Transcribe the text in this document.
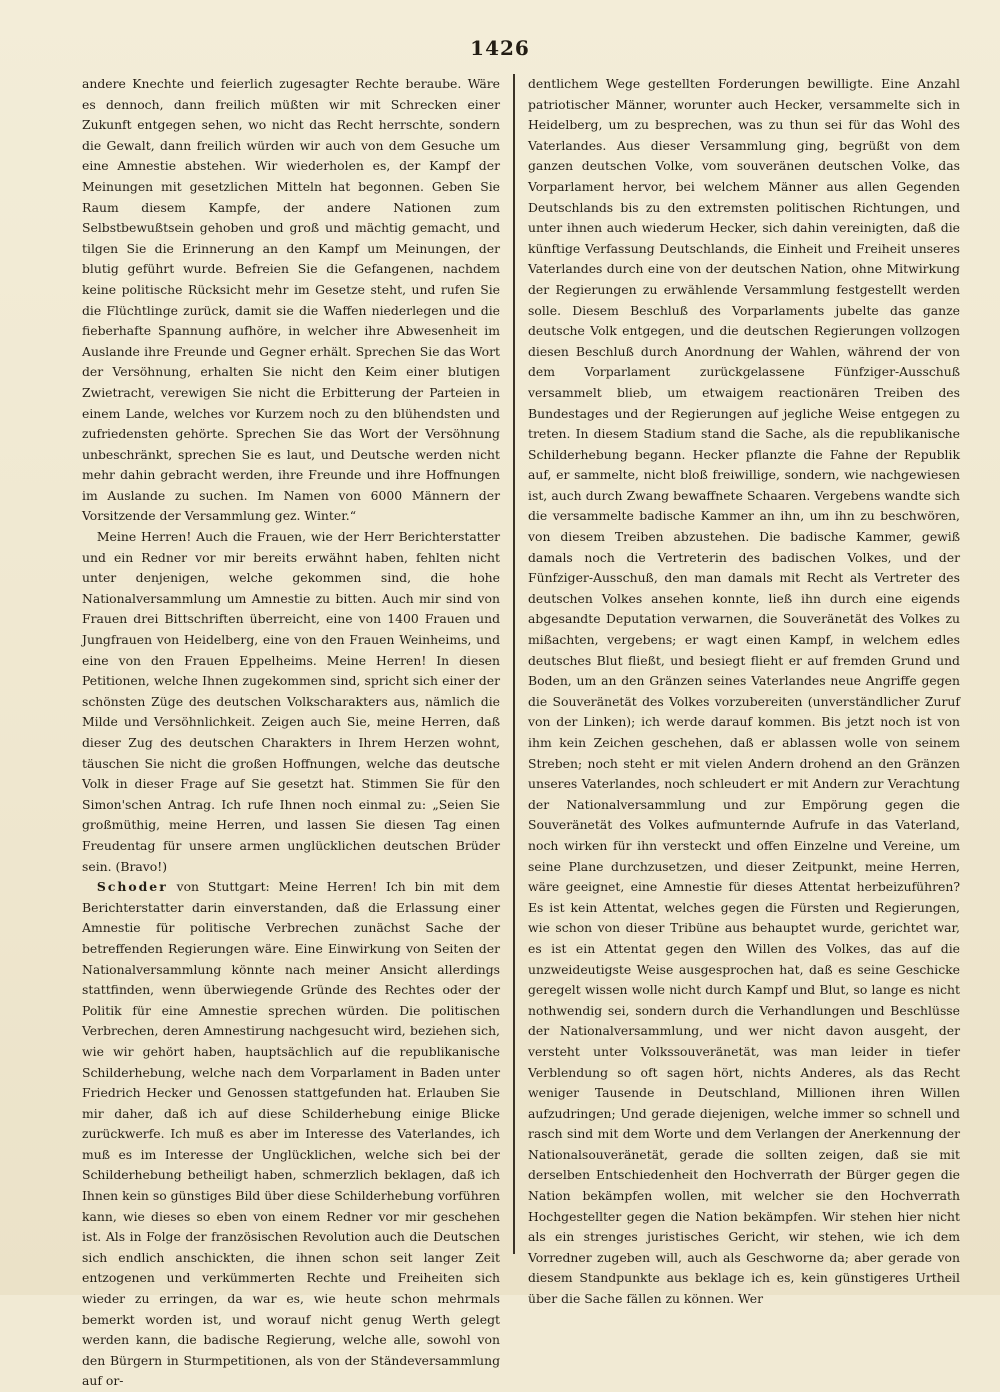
1426

andere Knechte und feierlich zugesagter Rechte beraube. Wäre es dennoch, dann freilich müßten wir mit Schrecken einer Zukunft entgegen sehen, wo nicht das Recht herrschte, sondern die Gewalt, dann freilich würden wir auch von dem Gesuche um eine Amnestie abstehen. Wir wiederholen es, der Kampf der Meinungen mit gesetzlichen Mitteln hat begonnen. Geben Sie Raum diesem Kampfe, der andere Nationen zum Selbstbewußtsein gehoben und groß und mächtig gemacht, und tilgen Sie die Erinnerung an den Kampf um Meinungen, der blutig geführt wurde. Befreien Sie die Gefangenen, nachdem keine politische Rücksicht mehr im Gesetze steht, und rufen Sie die Flüchtlinge zurück, damit sie die Waffen niederlegen und die fieberhafte Spannung aufhöre, in welcher ihre Abwesenheit im Auslande ihre Freunde und Gegner erhält. Sprechen Sie das Wort der Versöhnung, erhalten Sie nicht den Keim einer blutigen Zwietracht, verewigen Sie nicht die Erbitterung der Parteien in einem Lande, welches vor Kurzem noch zu den blühendsten und zufriedensten gehörte. Sprechen Sie das Wort der Versöhnung unbeschränkt, sprechen Sie es laut, und Deutsche werden nicht mehr dahin gebracht werden, ihre Freunde und ihre Hoffnungen im Auslande zu suchen. Im Namen von 6000 Männern der Vorsitzende der Versammlung gez. Winter.“

Meine Herren! Auch die Frauen, wie der Herr Berichterstatter und ein Redner vor mir bereits erwähnt haben, fehlten nicht unter denjenigen, welche gekommen sind, die hohe Nationalversammlung um Amnestie zu bitten. Auch mir sind von Frauen drei Bittschriften überreicht, eine von 1400 Frauen und Jungfrauen von Heidelberg, eine von den Frauen Weinheims, und eine von den Frauen Eppelheims. Meine Herren! In diesen Petitionen, welche Ihnen zugekommen sind, spricht sich einer der schönsten Züge des deutschen Volkscharakters aus, nämlich die Milde und Versöhnlichkeit. Zeigen auch Sie, meine Herren, daß dieser Zug des deutschen Charakters in Ihrem Herzen wohnt, täuschen Sie nicht die großen Hoffnungen, welche das deutsche Volk in dieser Frage auf Sie gesetzt hat. Stimmen Sie für den Simon'schen Antrag. Ich rufe Ihnen noch einmal zu: „Seien Sie großmüthig, meine Herren, und lassen Sie diesen Tag einen Freudentag für unsere armen unglücklichen deutschen Brüder sein. (Bravo!)

Schoder von Stuttgart: Meine Herren! Ich bin mit dem Berichterstatter darin einverstanden, daß die Erlassung einer Amnestie für politische Verbrechen zunächst Sache der betreffenden Regierungen wäre. Eine Einwirkung von Seiten der Nationalversammlung könnte nach meiner Ansicht allerdings stattfinden, wenn überwiegende Gründe des Rechtes oder der Politik für eine Amnestie sprechen würden. Die politischen Verbrechen, deren Amnestirung nachgesucht wird, beziehen sich, wie wir gehört haben, hauptsächlich auf die republikanische Schilderhebung, welche nach dem Vorparlament in Baden unter Friedrich Hecker und Genossen stattgefunden hat. Erlauben Sie mir daher, daß ich auf diese Schilderhebung einige Blicke zurückwerfe. Ich muß es aber im Interesse des Vaterlandes, ich muß es im Interesse der Unglücklichen, welche sich bei der Schilderhebung betheiligt haben, schmerzlich beklagen, daß ich Ihnen kein so günstiges Bild über diese Schilderhebung vorführen kann, wie dieses so eben von einem Redner vor mir geschehen ist. Als in Folge der französischen Revolution auch die Deutschen sich endlich anschickten, die ihnen schon seit langer Zeit entzogenen und verkümmerten Rechte und Freiheiten sich wieder zu erringen, da war es, wie heute schon mehrmals bemerkt worden ist, und worauf nicht genug Werth gelegt werden kann, die badische Regierung, welche alle, sowohl von den Bürgern in Sturmpetitionen, als von der Ständeversammlung auf or-

dentlichem Wege gestellten Forderungen bewilligte. Eine Anzahl patriotischer Männer, worunter auch Hecker, versammelte sich in Heidelberg, um zu besprechen, was zu thun sei für das Wohl des Vaterlandes. Aus dieser Versammlung ging, begrüßt von dem ganzen deutschen Volke, vom souveränen deutschen Volke, das Vorparlament hervor, bei welchem Männer aus allen Gegenden Deutschlands bis zu den extremsten politischen Richtungen, und unter ihnen auch wiederum Hecker, sich dahin vereinigten, daß die künftige Verfassung Deutschlands, die Einheit und Freiheit unseres Vaterlandes durch eine von der deutschen Nation, ohne Mitwirkung der Regierungen zu erwählende Versammlung festgestellt werden solle. Diesem Beschluß des Vorparlaments jubelte das ganze deutsche Volk entgegen, und die deutschen Regierungen vollzogen diesen Beschluß durch Anordnung der Wahlen, während der von dem Vorparlament zurückgelassene Fünfziger-Ausschuß versammelt blieb, um etwaigem reactionären Treiben des Bundestages und der Regierungen auf jegliche Weise entgegen zu treten. In diesem Stadium stand die Sache, als die republikanische Schilderhebung begann. Hecker pflanzte die Fahne der Republik auf, er sammelte, nicht bloß freiwillige, sondern, wie nachgewiesen ist, auch durch Zwang bewaffnete Schaaren. Vergebens wandte sich die versammelte badische Kammer an ihn, um ihn zu beschwören, von diesem Treiben abzustehen. Die badische Kammer, gewiß damals noch die Vertreterin des badischen Volkes, und der Fünfziger-Ausschuß, den man damals mit Recht als Vertreter des deutschen Volkes ansehen konnte, ließ ihn durch eine eigends abgesandte Deputation verwarnen, die Souveränetät des Volkes zu mißachten, vergebens; er wagt einen Kampf, in welchem edles deutsches Blut fließt, und besiegt flieht er auf fremden Grund und Boden, um an den Gränzen seines Vaterlandes neue Angriffe gegen die Souveränetät des Volkes vorzubereiten (unverständlicher Zuruf von der Linken); ich werde darauf kommen. Bis jetzt noch ist von ihm kein Zeichen geschehen, daß er ablassen wolle von seinem Streben; noch steht er mit vielen Andern drohend an den Gränzen unseres Vaterlandes, noch schleudert er mit Andern zur Verachtung der Nationalversammlung und zur Empörung gegen die Souveränetät des Volkes aufmunternde Aufrufe in das Vaterland, noch wirken für ihn versteckt und offen Einzelne und Vereine, um seine Plane durchzusetzen, und dieser Zeitpunkt, meine Herren, wäre geeignet, eine Amnestie für dieses Attentat herbeizuführen? Es ist kein Attentat, welches gegen die Fürsten und Regierungen, wie schon von dieser Tribüne aus behauptet wurde, gerichtet war, es ist ein Attentat gegen den Willen des Volkes, das auf die unzweideutigste Weise ausgesprochen hat, daß es seine Geschicke geregelt wissen wolle nicht durch Kampf und Blut, so lange es nicht nothwendig sei, sondern durch die Verhandlungen und Beschlüsse der Nationalversammlung, und wer nicht davon ausgeht, der versteht unter Volkssouveränetät, was man leider in tiefer Verblendung so oft sagen hört, nichts Anderes, als das Recht weniger Tausende in Deutschland, Millionen ihren Willen aufzudringen; Und gerade diejenigen, welche immer so schnell und rasch sind mit dem Worte und dem Verlangen der Anerkennung der Nationalsouveränetät, gerade die sollten zeigen, daß sie mit derselben Entschiedenheit den Hochverrath der Bürger gegen die Nation bekämpfen wollen, mit welcher sie den Hochverrath Hochgestellter gegen die Nation bekämpfen. Wir stehen hier nicht als ein strenges juristisches Gericht, wir stehen, wie ich dem Vorredner zugeben will, auch als Geschworne da; aber gerade von diesem Standpunkte aus beklage ich es, kein günstigeres Urtheil über die Sache fällen zu können. Wer
